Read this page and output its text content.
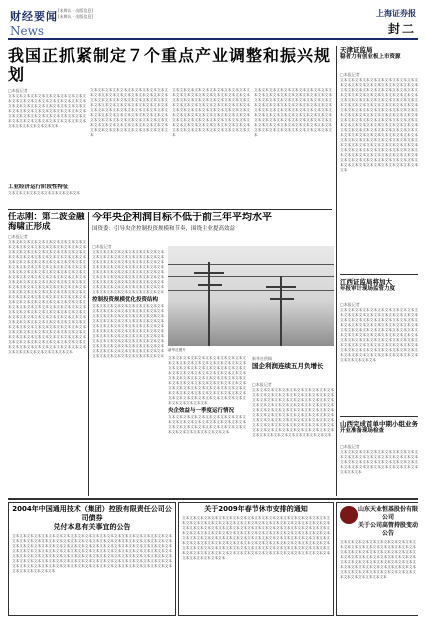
财经要闻
News
[未辨认 · 出版信息]
[未辨认 · 出版信息]	上海证券报
封二
我国正抓紧制定７个重点产业调整和振兴规划
□本报记者
文本文本文本文本文本文本文本文本文本文本文本文本文本文本文本文本文本文本文本文本文本文本文本文本文本文本文本文本文本文本文本文本文本文本文本文本文本文本文本文本文本文本文本文本文本文本文本文本文本文本文本文本文本文本文本文本文本文本文本文本文本文本文本文本文本文本文本文本文本文本
工业经济运行阶段性特征
文本文本文本文本文本文本文本文本文本文本
文本文本文本文本文本文本文本文本文本文本文本文本文本文本文本文本文本文本文本文本文本文本文本文本文本文本文本文本文本文本文本文本文本文本文本文本文本文本文本文本文本文本文本文本文本文本文本文本文本文本文本文本文本文本文本文本文本文本文本文本文本文本文本文本文本文本文本文本文本文本文本文本文本文本文本文本文本文本文本文本文本文本文本文本文本文本文本文本文本文本文本文本文本文本文本
文本文本文本文本文本文本文本文本文本文本文本文本文本文本文本文本文本文本文本文本文本文本文本文本文本文本文本文本文本文本文本文本文本文本文本文本文本文本文本文本文本文本文本文本文本文本文本文本文本文本文本文本文本文本文本文本文本文本文本文本文本文本文本文本文本文本文本文本文本文本文本文本文本文本文本文本文本文本文本文本文本文本文本文本文本文本文本文本文本文本文本文本文本文本文本
文本文本文本文本文本文本文本文本文本文本文本文本文本文本文本文本文本文本文本文本文本文本文本文本文本文本文本文本文本文本文本文本文本文本文本文本文本文本文本文本文本文本文本文本文本文本文本文本文本文本文本文本文本文本文本文本文本文本文本文本文本文本文本文本文本文本文本文本文本文本文本文本文本文本文本文本文本文本文本文本文本文本文本文本文本文本文本文本文本文本文本文本文本文本文本
任志刚：第二波金融海啸正形成
□本报记者
文本文本文本文本文本文本文本文本文本文本文本文本文本文本文本文本文本文本文本文本文本文本文本文本文本文本文本文本文本文本文本文本文本文本文本文本文本文本文本文本文本文本文本文本文本文本文本文本文本文本文本文本文本文本文本文本文本文本文本文本文本文本文本文本文本文本文本文本文本文本文本文本文本文本文本文本文本文本文本文本文本文本文本文本文本文本文本文本文本文本文本文本文本文本文本文本文本文本文本文本文本文本文本文本文本文本文本文本文本文本文本文本文本文本文本文本文本文本文本文本文本文本文本文本文本文本文本文本文本文本文本文本文本文本文本文本文本文本文本文本文本文本文本文本文本文本文本文本文本文本文本文本文本文本文本文本文本文本文本文本文本文本文本文本文本文本文本文本文本文本文本文本文本文本文本文本文本文本文本文本文本文本文本文本文本文本文本文本文本文本文本文本文本文本文本文本文本文本文本文本文本文本文本文本文本文本文本文本文本文本文本文本文本文本文本文本文本文本文本文本文本文本文本文本文本文本文本文本文本文本文本文本文本文本文本文本文本文本文本文本
今年央企利润目标不低于前三年平均水平
国资委：引导央企控制投资规模和节奏，围绕主业提高效益
□本报记者
文本文本文本文本文本文本文本文本文本文本文本文本文本文本文本文本文本文本文本文本文本文本文本文本文本文本文本文本文本文本文本文本文本文本文本文本文本文本文本文本文本文本文本文本文本文本文本文本文本文本文本文本文本文本文本文本文本文本文本文本文本文本文本文本文本文本文本文本文本文本文本文本文本文本文本文本文本文本文本文本文本文本文本文本文本文本文本文本文本文本
控制投资规模优化投资结构
文本文本文本文本文本文本文本文本文本文本文本文本文本文本文本文本文本文本文本文本文本文本文本文本文本文本文本文本文本文本文本文本文本文本文本文本文本文本文本文本文本文本文本文本文本文本文本文本文本文本文本文本文本文本文本文本文本文本文本文本文本文本文本文本文本文本文本文本文本文本文本文本文本文本文本文本文本文本文本文本文本文本文本文本文本文本文本文本文本文本文本文本文本文本文本文本文本文本文本文本文本文本文本文本文本文本文本文本文本文本
新华社图片
文本文本文本文本文本文本文本文本文本文本文本文本文本文本文本文本文本文本文本文本文本文本文本文本文本文本文本文本文本文本文本文本文本文本文本文本文本文本文本文本文本文本文本文本文本文本文本文本文本文本文本文本文本文本文本文本文本文本文本文本文本文本文本文本文本文本文本文本文本文本文本文本文本文本文本文本文本文本文本文本文本文本文本文本文本文本文本文本文本文本文本文本文本文本文本文本文本文本文本文本
央企效益与一季度运行情况
文本文本文本文本文本文本文本文本文本文本文本文本文本文本文本文本文本文本文本文本文本文本文本文本文本文本文本文本文本文本文本文本文本文本文本文本文本文本文本文本
新华社供稿
国企利润连续五月负增长
□本报记者
文本文本文本文本文本文本文本文本文本文本文本文本文本文本文本文本文本文本文本文本文本文本文本文本文本文本文本文本文本文本文本文本文本文本文本文本文本文本文本文本文本文本文本文本文本文本文本文本文本文本文本文本文本文本文本文本文本文本文本文本文本文本文本文本文本文本文本文本文本文本文本文本文本文本文本文本文本文本文本文本文本文本文本文本文本文本文本文本文本文本文本文本文本文本文本文本文本文本文本文本文本文本文本文本文本文本文本文本文本文本
天津证监局
稳者力有创业板上市资源
□本报记者
文本文本文本文本文本文本文本文本文本文本文本文本文本文本文本文本文本文本文本文本文本文本文本文本文本文本文本文本文本文本文本文本文本文本文本文本文本文本文本文本文本文本文本文本文本文本文本文本文本文本文本文本文本文本文本文本文本文本文本文本文本文本文本文本文本文本文本文本文本文本文本文本文本文本文本文本文本文本文本文本文本文本文本文本文本文本文本文本文本文本文本文本文本文本文本文本文本文本文本文本文本文本文本文本文本文本文本文本文本文本文本文本文本文本文本文本文本文本文本文本文本文本文本文本文本文本文本文本文本文本文本文本文本文本文本文本文本文本文本文本文本文本文本文本文本文本文本文本文本文本文本文本文本文本文本文本文本文本文本文本文本文本文本文本文本文本文本文本文本文本文本文本文本文本文本文本文本文本文本文本文本文本文本文本文本文本文本文本文本文本
江西证监局将加大
年报审计现场监管力度
□本报记者
文本文本文本文本文本文本文本文本文本文本文本文本文本文本文本文本文本文本文本文本文本文本文本文本文本文本文本文本文本文本文本文本文本文本文本文本文本文本文本文本文本文本文本文本文本文本文本文本文本文本文本文本文本文本文本文本文本文本文本文本文本文本文本文本文本文本文本文本文本文本文本文本文本文本文本文本文本文本文本文本文本文本文本文本文本文本文本文本文本文本文本文本文本文本文本文本文本文本文本文本文本文本文本文本文本文本文本文本文本文本
山西完成首单中期小组业务
开业准备现场检查
□本报记者
文本文本文本文本文本文本文本文本文本文本文本文本文本文本文本文本文本文本文本文本文本文本文本文本文本文本文本文本文本文本文本文本文本文本文本文本文本文本文本文本文本文本文本文本文本
2004年中国通用技术（集团）控股有限责任公司公司债券
兑付本息有关事宜的公告
文本文本文本文本文本文本文本文本文本文本文本文本文本文本文本文本文本文本文本文本文本文本文本文本文本文本文本文本文本文本文本文本文本文本文本文本文本文本文本文本文本文本文本文本文本文本文本文本文本文本文本文本文本文本文本文本文本文本文本文本文本文本文本文本文本文本文本文本文本文本文本文本文本文本文本文本文本文本文本文本文本文本文本文本文本文本文本文本文本文本文本文本文本文本文本文本文本文本文本文本文本文本文本文本文本文本文本文本文本文本文本文本文本文本文本文本文本文本文本文本文本文本文本文本文本文本文本文本文本文本文本文本文本文本文本文本文本文本文本文本文本文本文本文本文本文本文本文本文本文本文本文本文本文本文本文本文本文本文本文本
关于2009年春节休市安排的通知
文本文本文本文本文本文本文本文本文本文本文本文本文本文本文本文本文本文本文本文本文本文本文本文本文本文本文本文本文本文本文本文本文本文本文本文本文本文本文本文本文本文本文本文本文本文本文本文本文本文本文本文本文本文本文本文本文本文本文本文本文本文本文本文本文本文本文本文本文本文本文本文本文本文本文本文本文本文本文本文本文本文本文本文本文本文本文本文本文本文本文本文本文本文本文本文本文本文本文本文本文本文本文本文本文本文本文本文本文本文本文本文本文本文本文本文本文本文本文本文本文本文本文本文本文本文本文本文本文本文本文本文本文本文本文本文本文本文本文本文本文本文本文本文本文本文本文本文本文本文本文本文本文本文本文本文本文本文本文本文本文本文本文本文本文本文本文本文本文本文本
山东天业恒基股份有限公司
关于公司高管持股变动公告
文本文本文本文本文本文本文本文本文本文本文本文本文本文本文本文本文本文本文本文本文本文本文本文本文本文本文本文本文本文本文本文本文本文本文本文本文本文本文本文本文本文本文本文本文本文本文本文本文本文本文本文本文本文本文本文本文本文本文本文本文本文本文本文本文本文本文本文本文本文本文本文本文本文本文本文本文本文本文本文本
